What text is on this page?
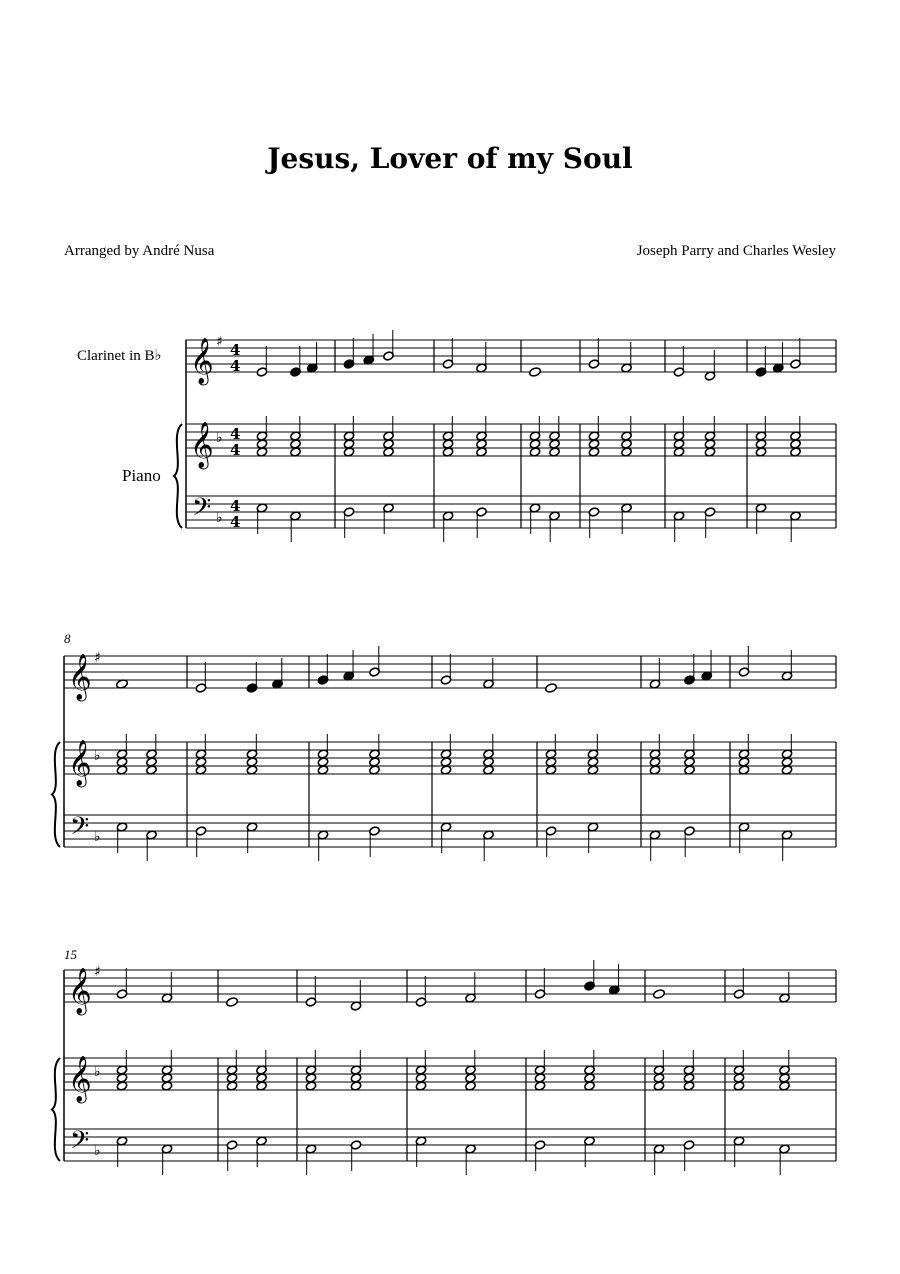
Jesus, Lover of my Soul
Arranged by André Nusa	Joseph Parry and Charles Wesley
Clarinet in B♭
Piano
8
15
𝄞
𝄞
𝄢
♯
♭
♭
4
4
4
4
4
4
𝄞
𝄞
𝄢
♯
♭
♭
𝄞
𝄞
𝄢
♯
♭
♭
